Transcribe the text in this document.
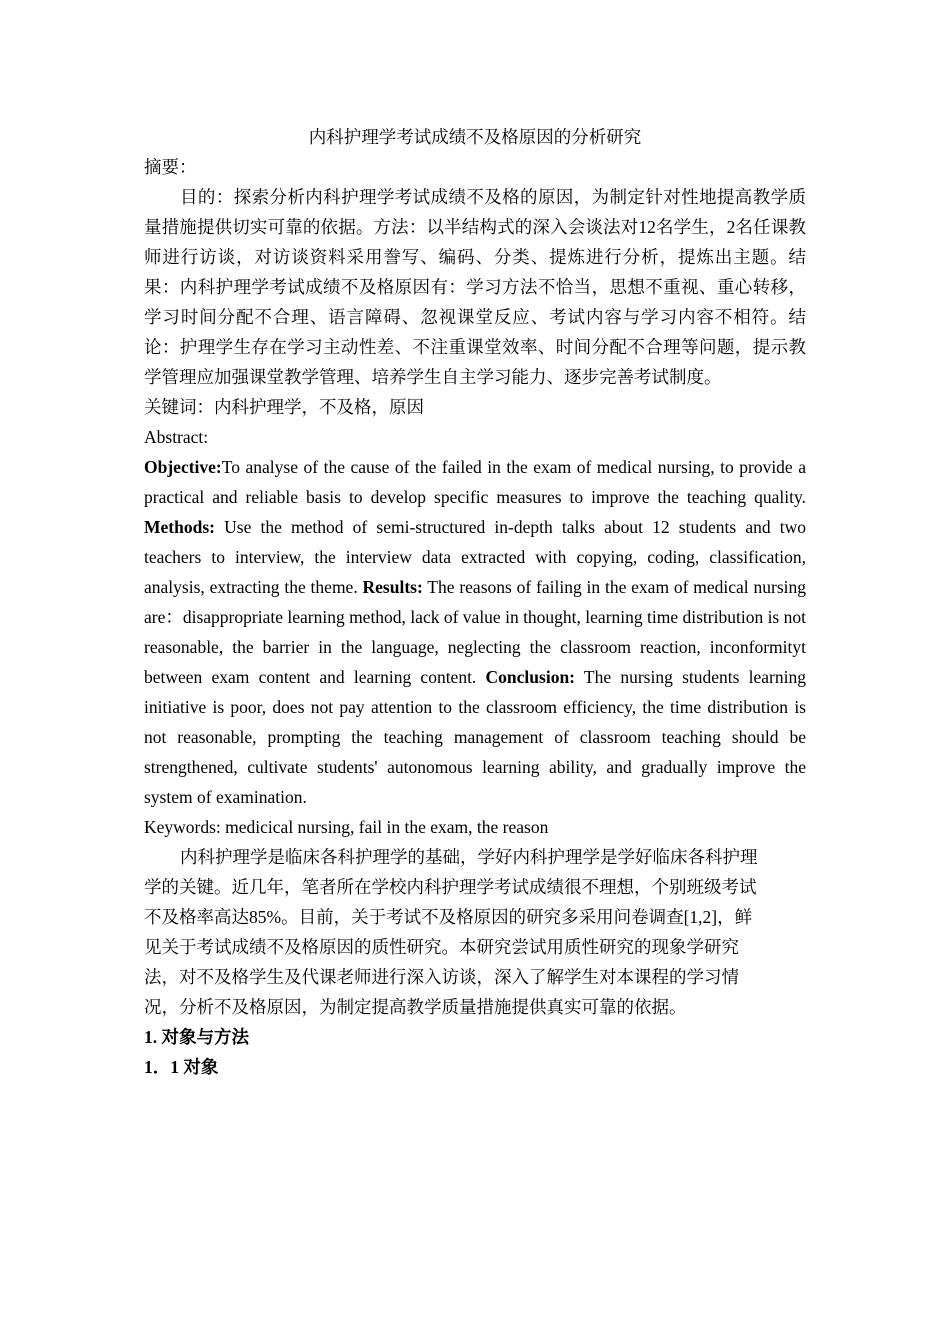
内科护理学考试成绩不及格原因的分析研究
摘要：
目的：探索分析内科护理学考试成绩不及格的原因，为制定针对性地提高教学质量措施提供切实可靠的依据。方法：以半结构式的深入会谈法对12名学生，2名任课教师进行访谈，对访谈资料采用誊写、编码、分类、提炼进行分析，提炼出主题。结果：内科护理学考试成绩不及格原因有：学习方法不恰当，思想不重视、重心转移，学习时间分配不合理、语言障碍、忽视课堂反应、考试内容与学习内容不相符。结论：护理学生存在学习主动性差、不注重课堂效率、时间分配不合理等问题，提示教学管理应加强课堂教学管理、培养学生自主学习能力、逐步完善考试制度。
关键词：内科护理学，不及格，原因
Abstract:
Objective:To analyse of the cause of the failed in the exam of medical nursing, to provide a practical and reliable basis to develop specific measures to improve the teaching quality. Methods: Use the method of semi-structured in-depth talks about 12 students and two teachers to interview, the interview data extracted with copying, coding, classification, analysis, extracting the theme. Results: The reasons of failing in the exam of medical nursing are：disappropriate learning method, lack of value in thought, learning time distribution is not reasonable, the barrier in the language, neglecting the classroom reaction, inconformityt between exam content and learning content. Conclusion: The nursing students learning initiative is poor, does not pay attention to the classroom efficiency, the time distribution is not reasonable, prompting the teaching management of classroom teaching should be strengthened, cultivate students' autonomous learning ability, and gradually improve the system of examination.
Keywords: medicical nursing, fail in the exam, the reason
内科护理学是临床各科护理学的基础，学好内科护理学是学好临床各科护理学的关键。近几年，笔者所在学校内科护理学考试成绩很不理想，个别班级考试不及格率高达85%。目前，关于考试不及格原因的研究多采用问卷调查[1,2]，鲜见关于考试成绩不及格原因的质性研究。本研究尝试用质性研究的现象学研究法，对不及格学生及代课老师进行深入访谈，深入了解学生对本课程的学习情况，分析不及格原因，为制定提高教学质量措施提供真实可靠的依据。
1. 对象与方法
1．1 对象
